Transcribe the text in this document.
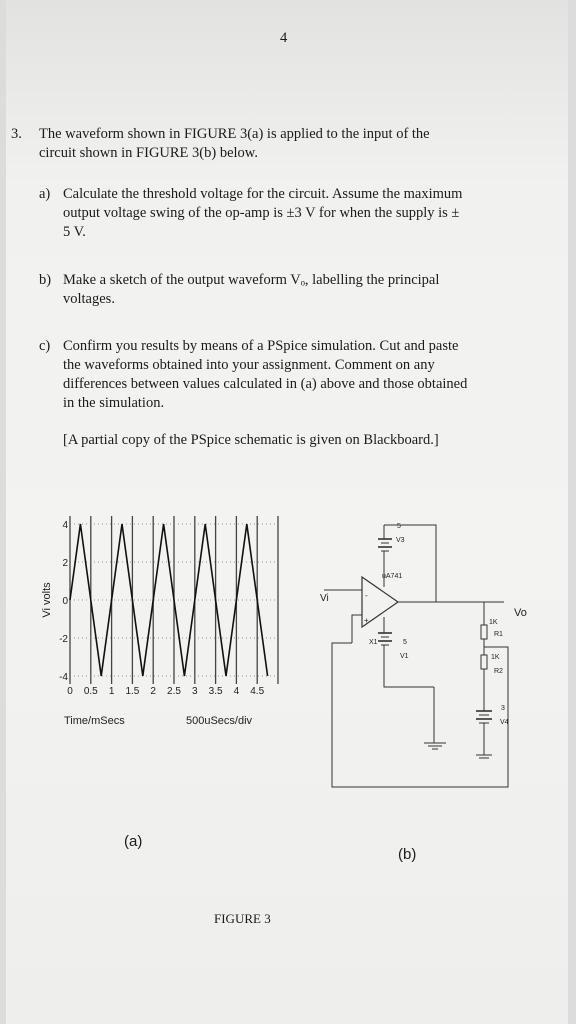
4
3. The waveform shown in FIGURE 3(a) is applied to the input of the
circuit shown in FIGURE 3(b) below.
a) Calculate the threshold voltage for the circuit. Assume the maximum
output voltage swing of the op-amp is ±3 V for when the supply is ±
5 V.
b) Make a sketch of the output waveform Vₒ, labelling the principal
voltages.
c) Confirm you results by means of a PSpice simulation. Cut and paste
the waveforms obtained into your assignment. Comment on any
differences between values calculated in (a) above and those obtained
in the simulation.
[A partial copy of the PSpice schematic is given on Blackboard.]
-4
-2
0
2
4
0 0.5 1 1.5 2 2.5 3 3.5 4 4.5
Vi volts
Time/mSecs	500uSecs/div
5
V3
uA741
Vi	-
+
Vo
1K
R1
X1	5
V1	1K
R2
3
V4
(a)
(b)
FIGURE 3
